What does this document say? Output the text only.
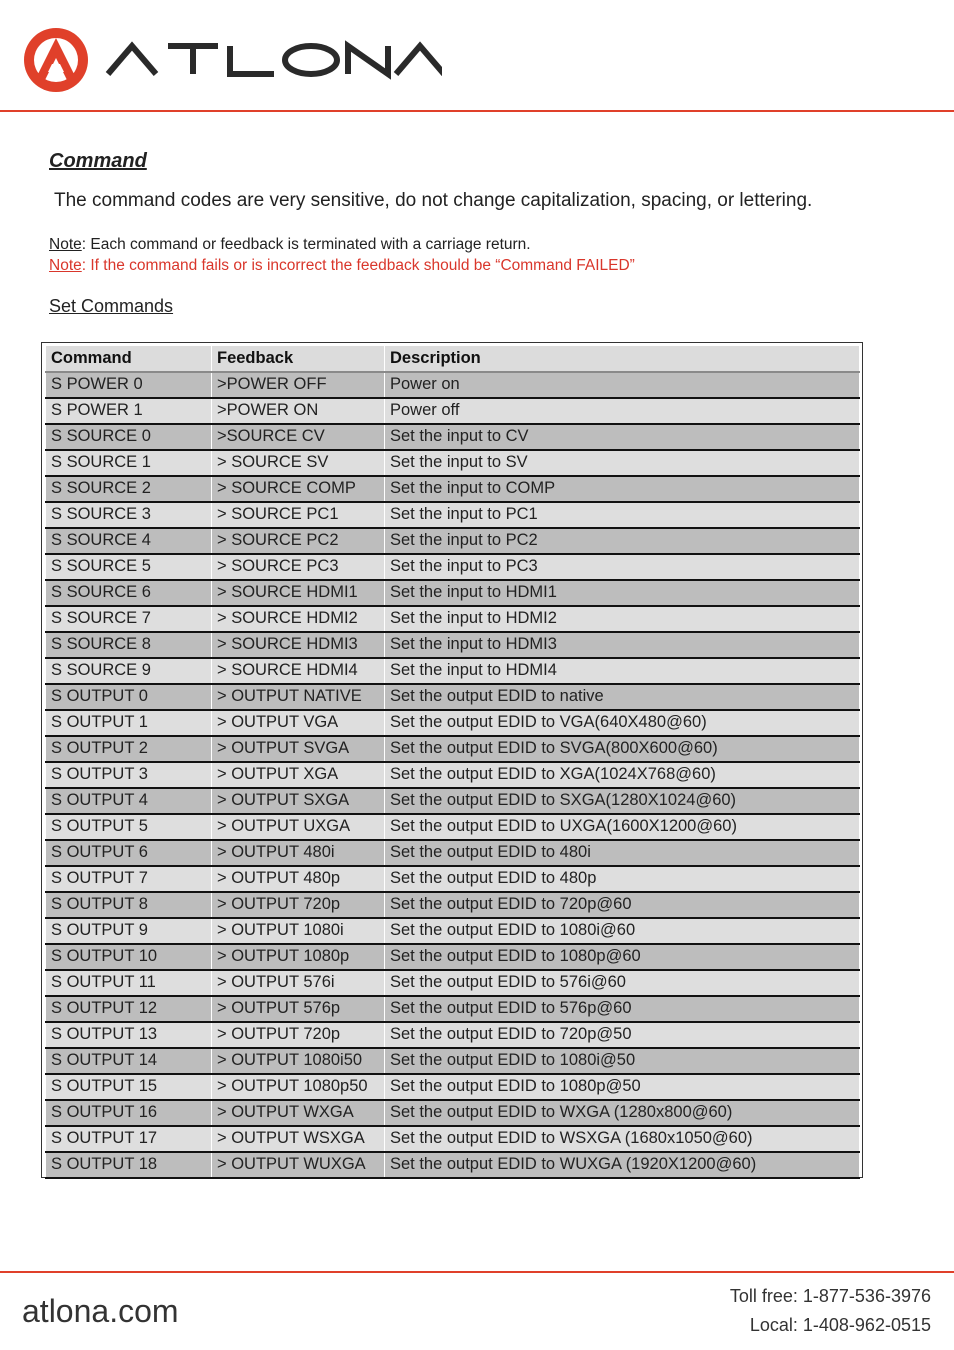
Command
The command codes are very sensitive, do not change capitalization, spacing, or lettering.
Note: Each command or feedback is terminated with a carriage return.
Note: If the command fails or is incorrect the feedback should be “Command FAILED”
Set Commands
Command	Feedback	Description
S POWER 0	>POWER OFF	Power on
S POWER 1	>POWER ON	Power off
S SOURCE 0	>SOURCE CV	Set the input to CV
S SOURCE 1	> SOURCE SV	Set the input to SV
S SOURCE 2	> SOURCE COMP	Set the input to COMP
S SOURCE 3	> SOURCE PC1	Set the input to PC1
S SOURCE 4	> SOURCE PC2	Set the input to PC2
S SOURCE 5	> SOURCE PC3	Set the input to PC3
S SOURCE 6	> SOURCE HDMI1	Set the input to HDMI1
S SOURCE 7	> SOURCE HDMI2	Set the input to HDMI2
S SOURCE 8	> SOURCE HDMI3	Set the input to HDMI3
S SOURCE 9	> SOURCE HDMI4	Set the input to HDMI4
S OUTPUT 0	> OUTPUT NATIVE	Set the output EDID to native
S OUTPUT 1	> OUTPUT VGA	Set the output EDID to VGA(640X480@60)
S OUTPUT 2	> OUTPUT SVGA	Set the output EDID to SVGA(800X600@60)
S OUTPUT 3	> OUTPUT XGA	Set the output EDID to XGA(1024X768@60)
S OUTPUT 4	> OUTPUT SXGA	Set the output EDID to SXGA(1280X1024@60)
S OUTPUT 5	> OUTPUT UXGA	Set the output EDID to UXGA(1600X1200@60)
S OUTPUT 6	> OUTPUT 480i	Set the output EDID to 480i
S OUTPUT 7	> OUTPUT 480p	Set the output EDID to 480p
S OUTPUT 8	> OUTPUT 720p	Set the output EDID to 720p@60
S OUTPUT 9	> OUTPUT 1080i	Set the output EDID to 1080i@60
S OUTPUT 10	> OUTPUT 1080p	Set the output EDID to 1080p@60
S OUTPUT 11	> OUTPUT 576i	Set the output EDID to 576i@60
S OUTPUT 12	> OUTPUT 576p	Set the output EDID to 576p@60
S OUTPUT 13	> OUTPUT 720p	Set the output EDID to 720p@50
S OUTPUT 14	> OUTPUT 1080i50	Set the output EDID to 1080i@50
S OUTPUT 15	> OUTPUT 1080p50	Set the output EDID to 1080p@50
S OUTPUT 16	> OUTPUT WXGA	Set the output EDID to WXGA (1280x800@60)
S OUTPUT 17	> OUTPUT WSXGA	Set the output EDID to WSXGA (1680x1050@60)
S OUTPUT 18	> OUTPUT WUXGA	Set the output EDID to WUXGA (1920X1200@60)
atlona.com	Toll free: 1-877-536-3976
Local: 1-408-962-0515
